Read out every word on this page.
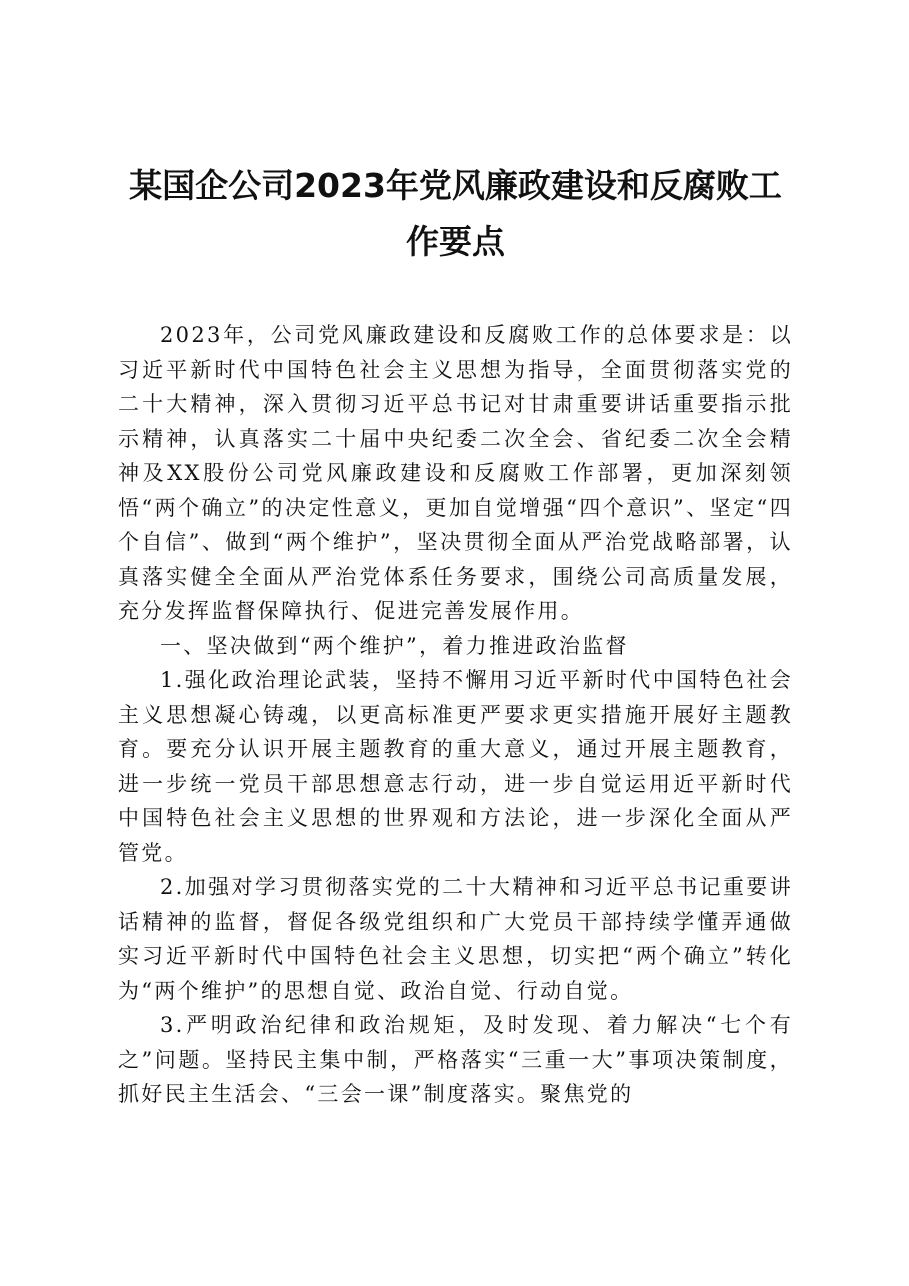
某国企公司2023年党风廉政建设和反腐败工作要点

2023年，公司党风廉政建设和反腐败工作的总体要求是：以习近平新时代中国特色社会主义思想为指导，全面贯彻落实党的二十大精神，深入贯彻习近平总书记对甘肃重要讲话重要指示批示精神，认真落实二十届中央纪委二次全会、省纪委二次全会精神及XX股份公司党风廉政建设和反腐败工作部署，更加深刻领悟“两个确立”的决定性意义，更加自觉增强“四个意识”、坚定“四个自信”、做到“两个维护”，坚决贯彻全面从严治党战略部署，认真落实健全全面从严治党体系任务要求，围绕公司高质量发展，充分发挥监督保障执行、促进完善发展作用。

一、坚决做到“两个维护”，着力推进政治监督

1.强化政治理论武装，坚持不懈用习近平新时代中国特色社会主义思想凝心铸魂，以更高标准更严要求更实措施开展好主题教育。要充分认识开展主题教育的重大意义，通过开展主题教育，进一步统一党员干部思想意志行动，进一步自觉运用近平新时代中国特色社会主义思想的世界观和方法论，进一步深化全面从严管党。

2.加强对学习贯彻落实党的二十大精神和习近平总书记重要讲话精神的监督，督促各级党组织和广大党员干部持续学懂弄通做实习近平新时代中国特色社会主义思想，切实把“两个确立”转化为“两个维护”的思想自觉、政治自觉、行动自觉。

3.严明政治纪律和政治规矩，及时发现、着力解决“七个有之”问题。坚持民主集中制，严格落实“三重一大”事项决策制度，抓好民主生活会、“三会一课”制度落实。聚焦党的
